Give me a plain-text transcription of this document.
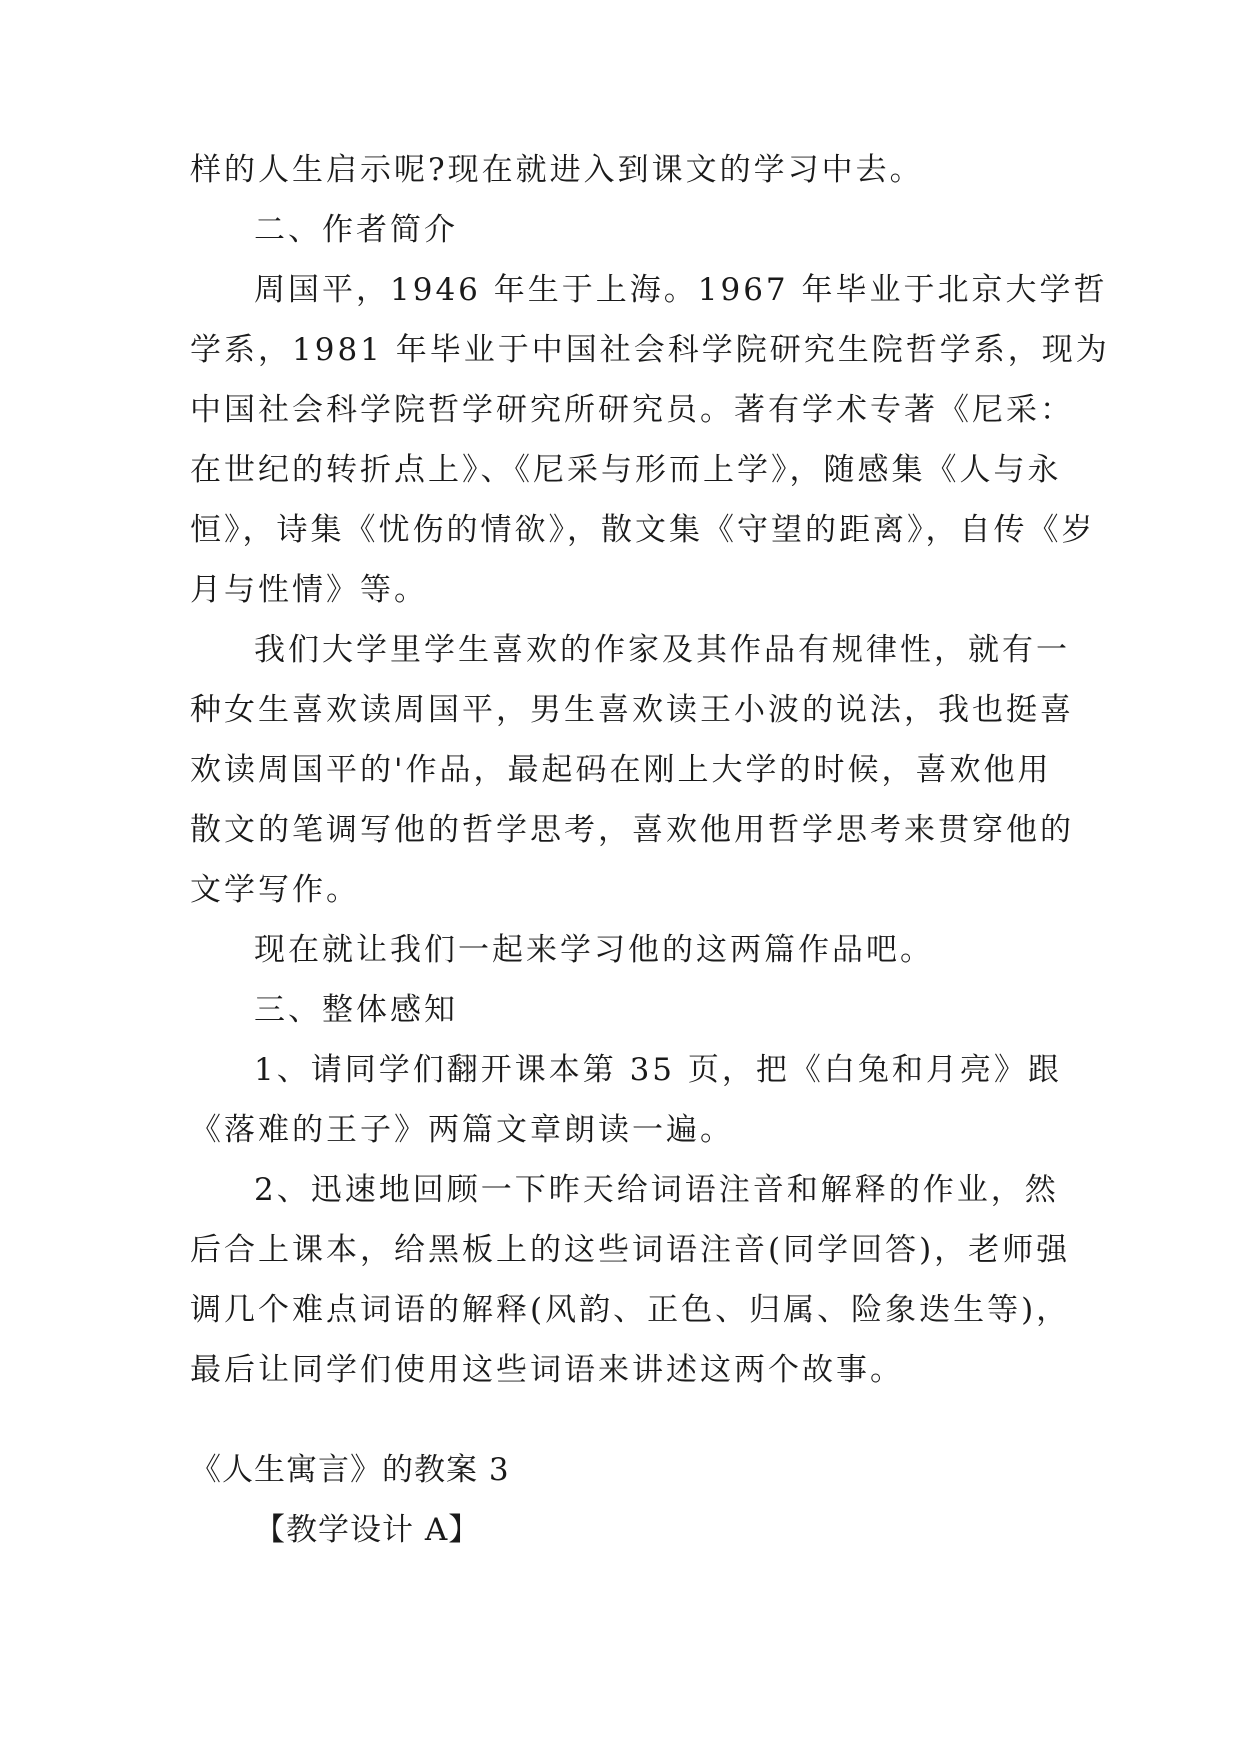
样的人生启示呢?现在就进入到课文的学习中去。
二、作者简介
周国平，1946 年生于上海。1967 年毕业于北京大学哲
学系，1981 年毕业于中国社会科学院研究生院哲学系，现为
中国社会科学院哲学研究所研究员。著有学术专著《尼采：
在世纪的转折点上》、《尼采与形而上学》，随感集《人与永
恒》，诗集《忧伤的情欲》，散文集《守望的距离》，自传《岁
月与性情》等。
我们大学里学生喜欢的作家及其作品有规律性，就有一
种女生喜欢读周国平，男生喜欢读王小波的说法，我也挺喜
欢读周国平的'作品，最起码在刚上大学的时候，喜欢他用
散文的笔调写他的哲学思考，喜欢他用哲学思考来贯穿他的
文学写作。
现在就让我们一起来学习他的这两篇作品吧。
三、整体感知
1、请同学们翻开课本第 35 页，把《白兔和月亮》跟
《落难的王子》两篇文章朗读一遍。
2、迅速地回顾一下昨天给词语注音和解释的作业，然
后合上课本，给黑板上的这些词语注音(同学回答)，老师强
调几个难点词语的解释(风韵、正色、归属、险象迭生等)，
最后让同学们使用这些词语来讲述这两个故事。
《人生寓言》的教案 3
【教学设计 A】
